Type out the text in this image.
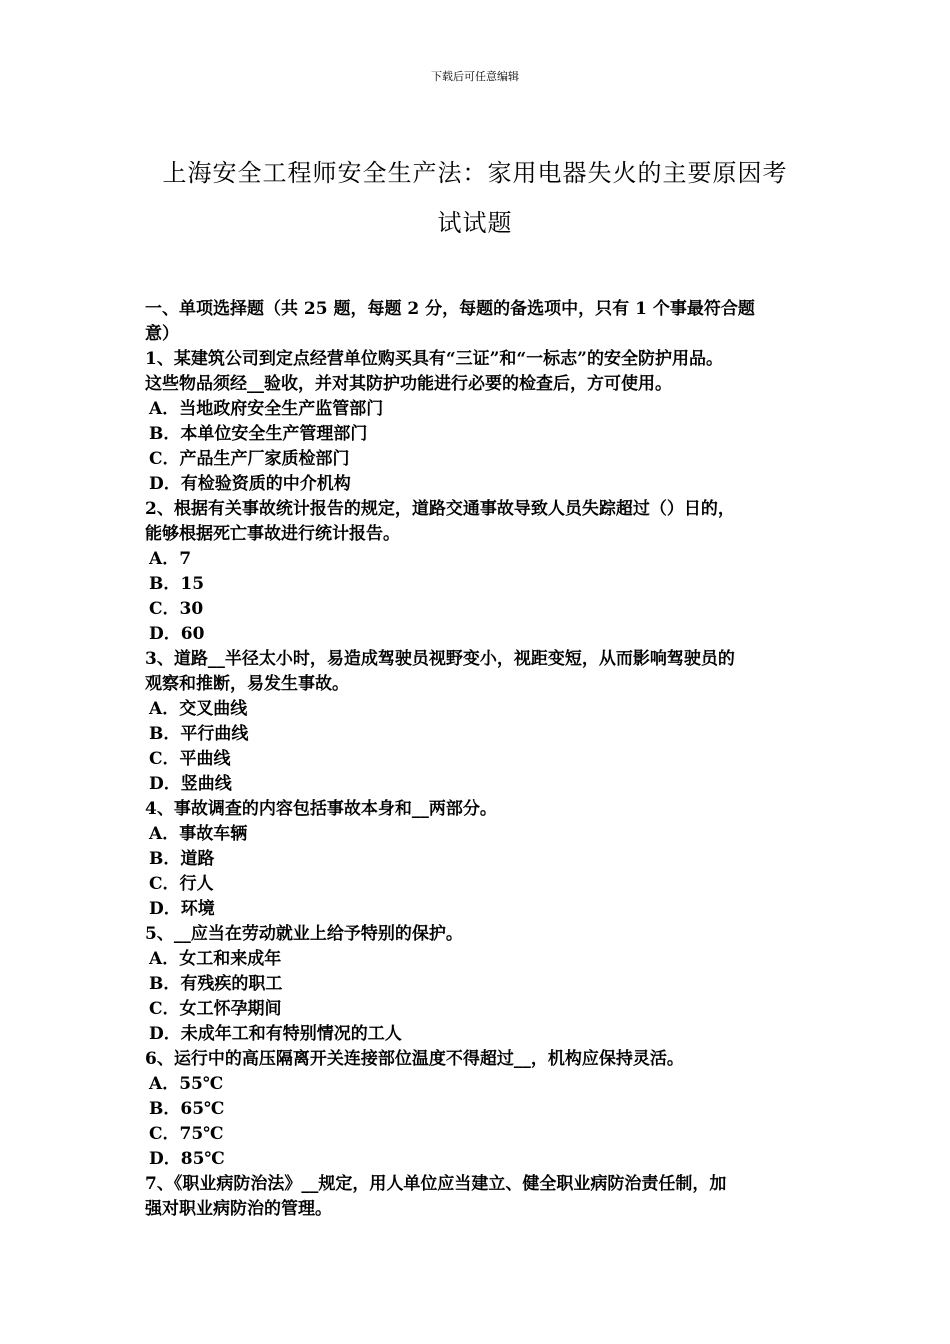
下载后可任意编辑
上海安全工程师安全生产法：家用电器失火的主要原因考
试试题
一、单项选择题（共 25 题，每题 2 分，每题的备选项中，只有 1 个事最符合题
意）
1、某建筑公司到定点经营单位购买具有“三证”和“一标志”的安全防护用品。
这些物品须经__验收，并对其防护功能进行必要的检查后，方可使用。
A．当地政府安全生产监管部门
B．本单位安全生产管理部门
C．产品生产厂家质检部门
D．有检验资质的中介机构
2、根据有关事故统计报告的规定，道路交通事故导致人员失踪超过（）日的，
能够根据死亡事故进行统计报告。
A．7
B．15
C．30
D．60
3、道路__半径太小时，易造成驾驶员视野变小，视距变短，从而影响驾驶员的
观察和推断，易发生事故。
A．交叉曲线
B．平行曲线
C．平曲线
D．竖曲线
4、事故调查的内容包括事故本身和__两部分。
A．事故车辆
B．道路
C．行人
D．环境
5、__应当在劳动就业上给予特别的保护。
A．女工和来成年
B．有残疾的职工
C．女工怀孕期间
D．未成年工和有特别情况的工人
6、运行中的高压隔离开关连接部位温度不得超过__，机构应保持灵活。
A．55℃
B．65℃
C．75℃
D．85℃
7、《职业病防治法》__规定，用人单位应当建立、健全职业病防治责任制，加
强对职业病防治的管理。
